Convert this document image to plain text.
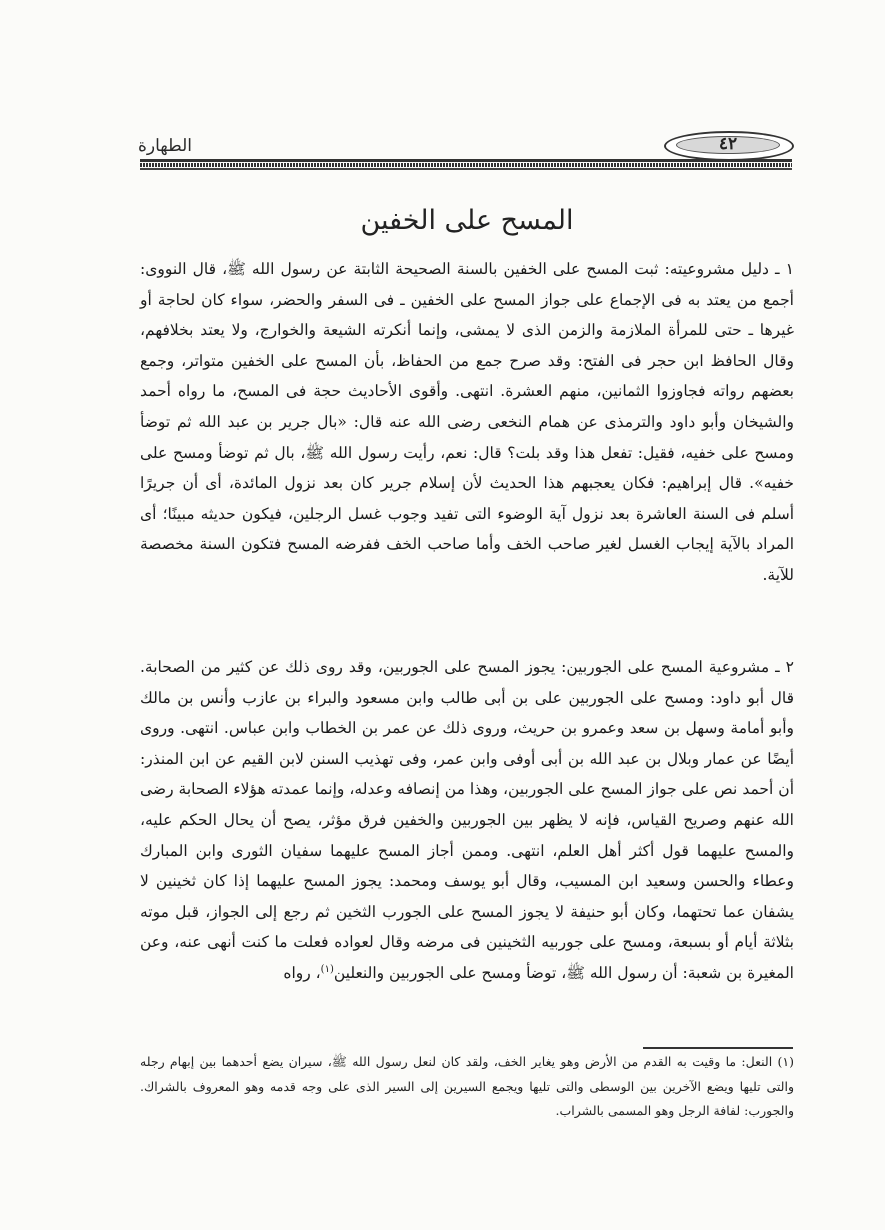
الطهارة	٤٢
المسح على الخفين

١ ـ دليل مشروعيته: ثبت المسح على الخفين بالسنة الصحيحة الثابتة عن رسول الله ﷺ، قال النووى: أجمع من يعتد به فى الإجماع على جواز المسح على الخفين ـ فى السفر والحضر، سواء كان لحاجة أو غيرها ـ حتى للمرأة الملازمة والزمن الذى لا يمشى، وإنما أنكرته الشيعة والخوارج، ولا يعتد بخلافهم، وقال الحافظ ابن حجر فى الفتح: وقد صرح جمع من الحفاظ، بأن المسح على الخفين متواتر، وجمع بعضهم رواته فجاوزوا الثمانين، منهم العشرة. انتهى. وأقوى الأحاديث حجة فى المسح، ما رواه أحمد والشيخان وأبو داود والترمذى عن همام النخعى رضى الله عنه قال: «بال جرير بن عبد الله ثم توضأ ومسح على خفيه، فقيل: تفعل هذا وقد بلت؟ قال: نعم، رأيت رسول الله ﷺ، بال ثم توضأ ومسح على خفيه». قال إبراهيم: فكان يعجبهم هذا الحديث لأن إسلام جرير كان بعد نزول المائدة، أى أن جريرًا أسلم فى السنة العاشرة بعد نزول آية الوضوء التى تفيد وجوب غسل الرجلين، فيكون حديثه مبينًا؛ أى المراد بالآية إيجاب الغسل لغير صاحب الخف وأما صاحب الخف ففرضه المسح فتكون السنة مخصصة للآية.

٢ ـ مشروعية المسح على الجوربين: يجوز المسح على الجوربين، وقد روى ذلك عن كثير من الصحابة. قال أبو داود: ومسح على الجوربين على بن أبى طالب وابن مسعود والبراء بن عازب وأنس بن مالك وأبو أمامة وسهل بن سعد وعمرو بن حريث، وروى ذلك عن عمر بن الخطاب وابن عباس. انتهى. وروى أيضًا عن عمار وبلال بن عبد الله بن أبى أوفى وابن عمر، وفى تهذيب السنن لابن القيم عن ابن المنذر: أن أحمد نص على جواز المسح على الجوربين، وهذا من إنصافه وعدله، وإنما عمدته هؤلاء الصحابة رضى الله عنهم وصريح القياس، فإنه لا يظهر بين الجوربين والخفين فرق مؤثر، يصح أن يحال الحكم عليه، والمسح عليهما قول أكثر أهل العلم، انتهى. وممن أجاز المسح عليهما سفيان الثورى وابن المبارك وعطاء والحسن وسعيد ابن المسيب، وقال أبو يوسف ومحمد: يجوز المسح عليهما إذا كان ثخينين لا يشفان عما تحتهما، وكان أبو حنيفة لا يجوز المسح على الجورب الثخين ثم رجع إلى الجواز، قبل موته بثلاثة أيام أو بسبعة، ومسح على جوربيه الثخينين فى مرضه وقال لعواده فعلت ما كنت أنهى عنه، وعن المغيرة بن شعبة: أن رسول الله ﷺ، توضأ ومسح على الجوربين والنعلين$^{(١)}$، رواه

(١) النعل: ما وقيت به القدم من الأرض وهو يغاير الخف، ولقد كان لنعل رسول الله ﷺ، سيران يضع أحدهما بين إبهام رجله والتى تليها ويضع الآخرين بين الوسطى والتى تليها ويجمع السيرين إلى السير الذى على وجه قدمه وهو المعروف بالشراك. والجورب: لفافة الرجل وهو المسمى بالشراب.
